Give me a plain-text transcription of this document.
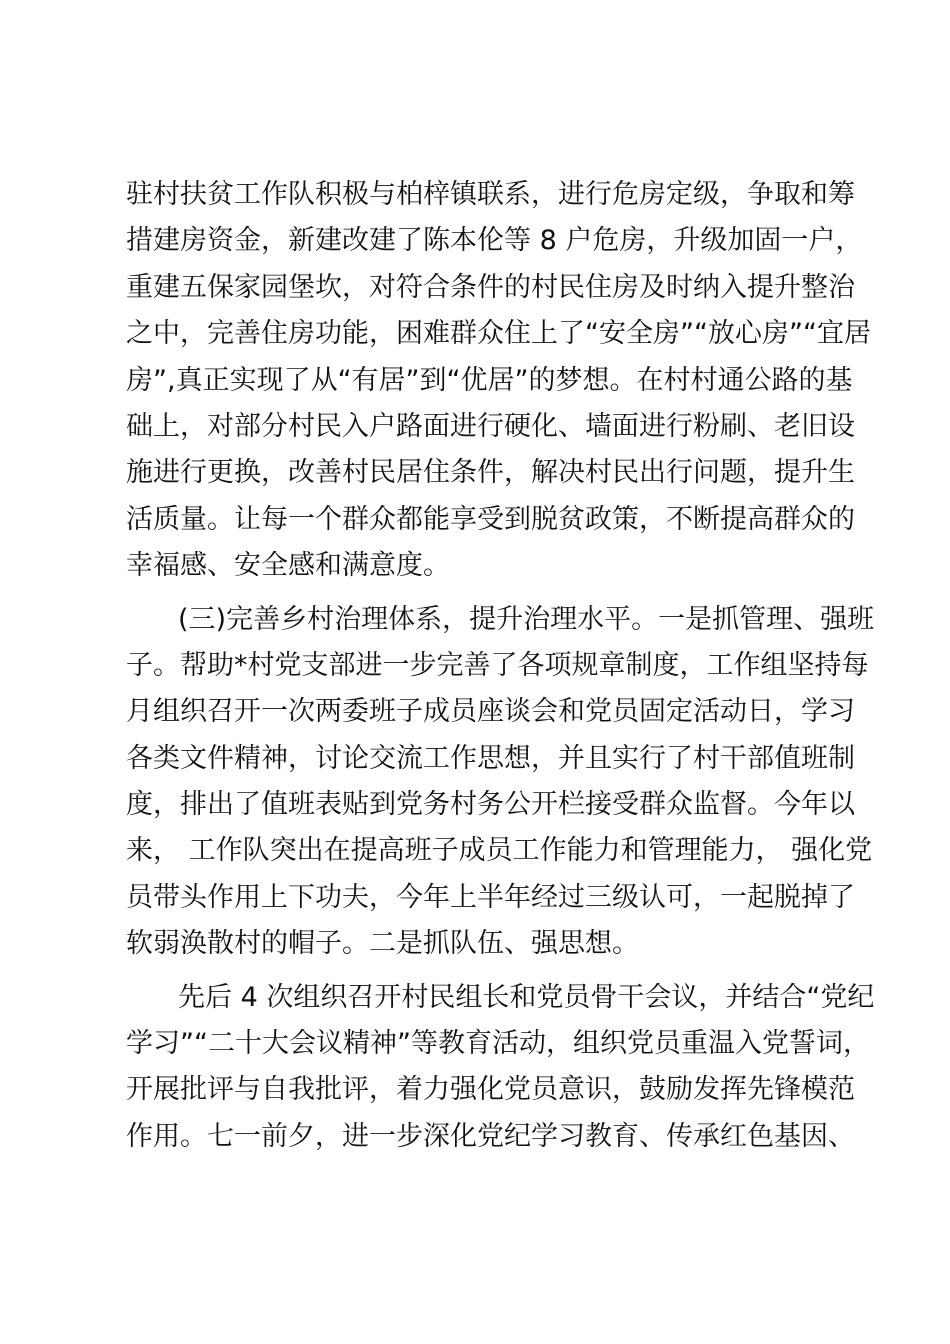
驻村扶贫工作队积极与柏梓镇联系，进行危房定级，争取和筹
措建房资金，新建改建了陈本伦等 8 户危房，升级加固一户，
重建五保家园堡坎，对符合条件的村民住房及时纳入提升整治
之中，完善住房功能，困难群众住上了“安全房”“放心房”“宜居
房”,真正实现了从“有居”到“优居”的梦想。在村村通公路的基
础上，对部分村民入户路面进行硬化、墙面进行粉刷、老旧设
施进行更换，改善村民居住条件，解决村民出行问题，提升生
活质量。让每一个群众都能享受到脱贫政策，不断提高群众的
幸福感、安全感和满意度。
(三)完善乡村治理体系，提升治理水平。一是抓管理、强班
子。帮助*村党支部进一步完善了各项规章制度，工作组坚持每
月组织召开一次两委班子成员座谈会和党员固定活动日，学习
各类文件精神，讨论交流工作思想，并且实行了村干部值班制
度，排出了值班表贴到党务村务公开栏接受群众监督。今年以
来， 工作队突出在提高班子成员工作能力和管理能力， 强化党
员带头作用上下功夫，今年上半年经过三级认可，一起脱掉了
软弱涣散村的帽子。二是抓队伍、强思想。
先后 4 次组织召开村民组长和党员骨干会议，并结合“党纪
学习”“二十大会议精神”等教育活动，组织党员重温入党誓词，
开展批评与自我批评，着力强化党员意识，鼓励发挥先锋模范
作用。七一前夕，进一步深化党纪学习教育、传承红色基因、
